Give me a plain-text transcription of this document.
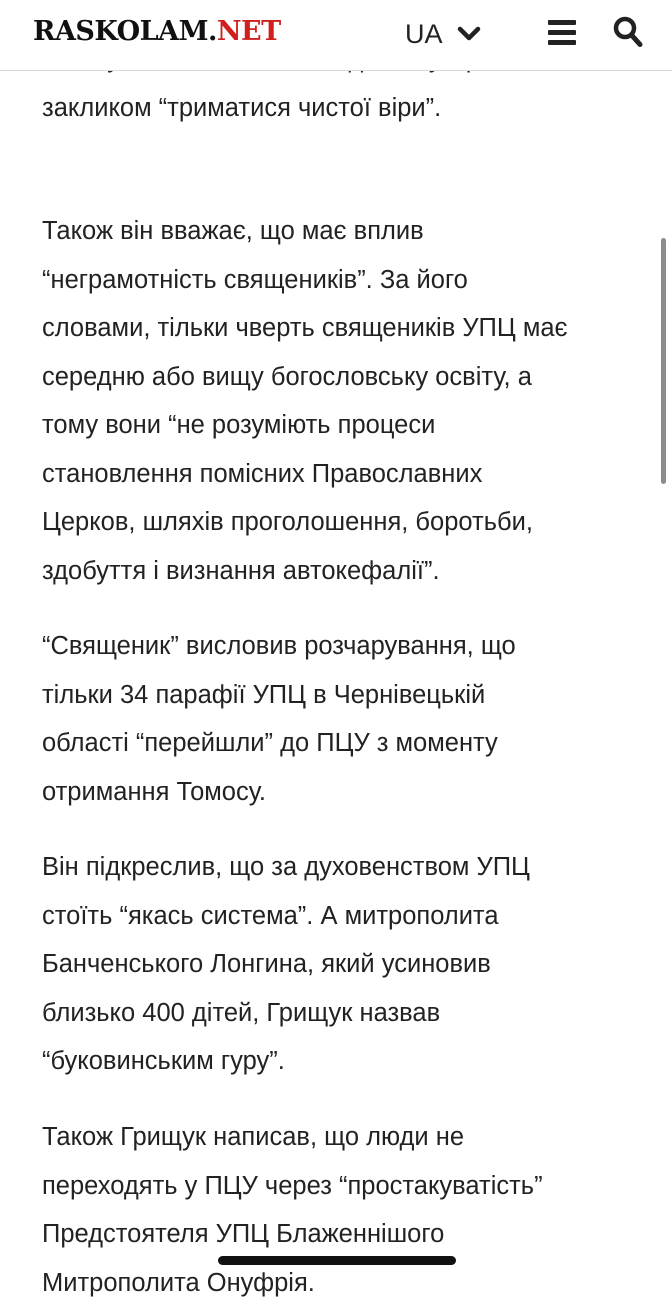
RASKOLAM.NET	UA

закликом “триматися чистої віри”.

Також він вважає, що має вплив
“неграмотність священиків”. За його
словами, тільки чверть священиків УПЦ має
середню або вищу богословську освіту, а
тому вони “не розуміють процеси
становлення помісних Православних
Церков, шляхів проголошення, боротьби,
здобуття і визнання автокефалії”.

“Священик” висловив розчарування, що
тільки 34 парафії УПЦ в Чернівецькій
області “перейшли” до ПЦУ з моменту
отримання Томосу.

Він підкреслив, що за духовенством УПЦ
стоїть “якась система”. А митрополита
Банченського Лонгина, який усиновив
близько 400 дітей, Грищук назвав
“буковинським гуру”.

Також Грищук написав, що люди не
переходять у ПЦУ через “простакуватість”
Предстоятеля УПЦ Блаженнішого
Митрополита Онуфрія.
